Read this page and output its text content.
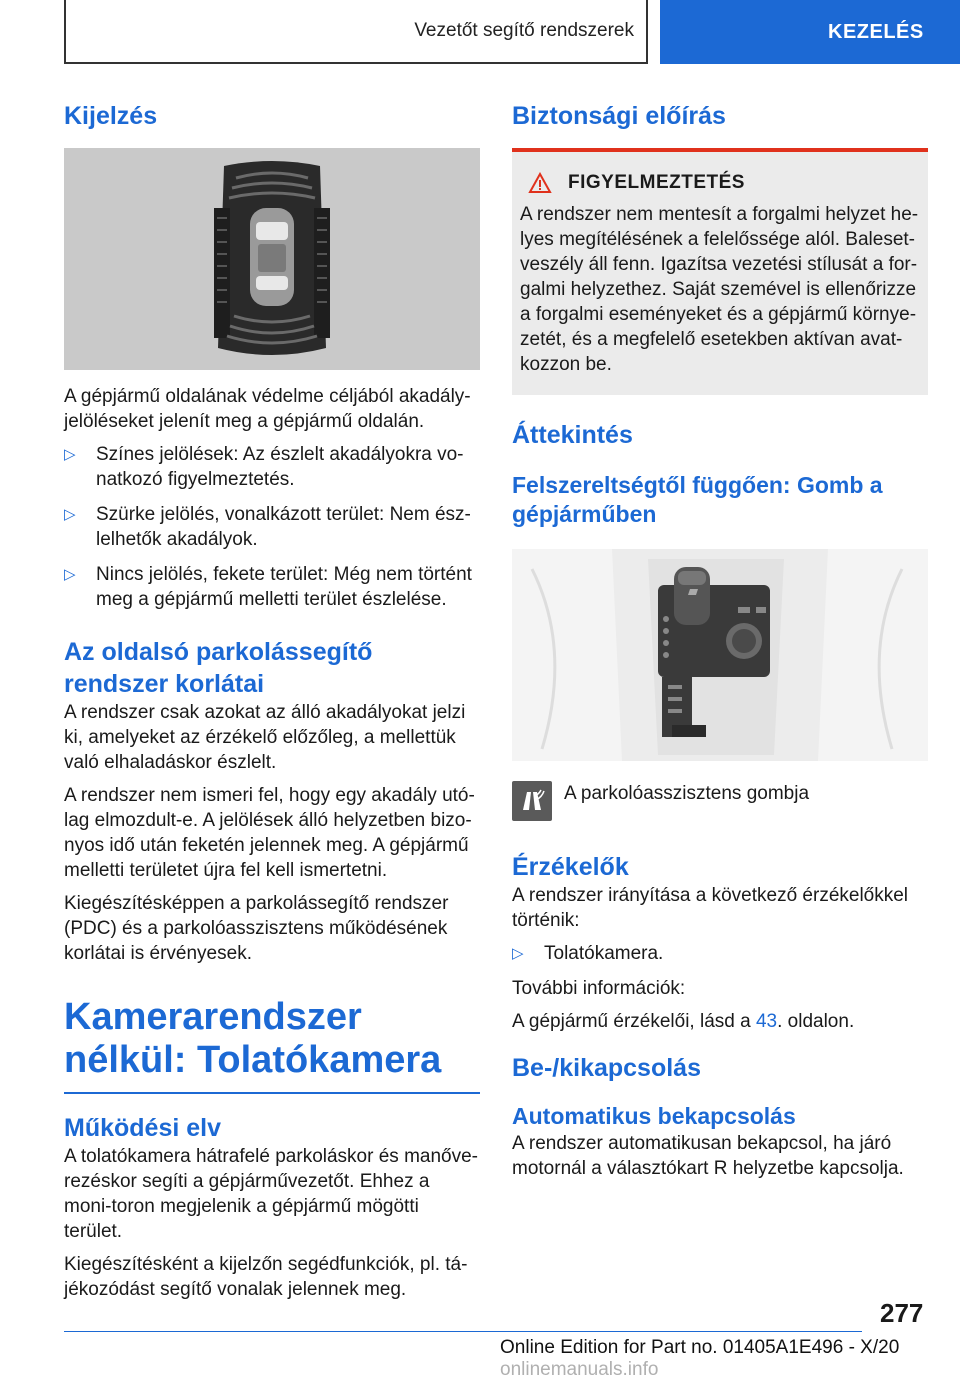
Vezetőt segítő rendszerek	KEZELÉS
Kijelzés

A gépjármű oldalának védelme céljából akadály-jelöléseket jelenít meg a gépjármű oldalán.

▷	Színes jelölések: Az észlelt akadályokra vo-natkozó figyelmeztetés.
▷	Szürke jelölés, vonalkázott terület: Nem ész-lelhetők akadályok.
▷	Nincs jelölés, fekete terület: Még nem történt meg a gépjármű melletti terület észlelése.
Az oldalsó parkolássegítő rendszer korlátai

A rendszer csak azokat az álló akadályokat jelzi ki, amelyeket az érzékelő előzőleg, a mellettük való elhaladáskor észlelt.

A rendszer nem ismeri fel, hogy egy akadály utó-lag elmozdult-e. A jelölések álló helyzetben bizo-nyos idő után feketén jelennek meg. A gépjármű melletti területet újra fel kell ismertetni.

Kiegészítésképpen a parkolássegítő rendszer (PDC) és a parkolóasszisztens működésének korlátai is érvényesek.

Kamerarendszer nélkül: Tolatókamera
Működési elv

A tolatókamera hátrafelé parkoláskor és manőve-rezéskor segíti a gépjárművezetőt. Ehhez a moni-toron megjelenik a gépjármű mögötti terület.

Kiegészítésként a kijelzőn segédfunkciók, pl. tá-jékozódást segítő vonalak jelennek meg.

Biztonsági előírás
FIGYELMEZTETÉS

A rendszer nem mentesít a forgalmi helyzet he-lyes megítélésének a felelőssége alól. Baleset-veszély áll fenn. Igazítsa vezetési stílusát a for-galmi helyzethez. Saját szemével is ellenőrizze a forgalmi eseményeket és a gépjármű környe-zetét, és a megfelelő esetekben aktívan avat-kozzon be.

Áttekintés
Felszereltségtől függően: Gomb a gépjárműben
A parkolóasszisztens gombja
Érzékelők

A rendszer irányítása a következő érzékelőkkel történik:

▷	Tolatókamera.

További információk:

A gépjármű érzékelői, lásd a 43. oldalon.

Be-/kikapcsolás
Automatikus bekapcsolás

A rendszer automatikusan bekapcsol, ha járó motornál a választókart R helyzetbe kapcsolja.

277
Online Edition for Part no. 01405A1E496 - X/20 onlinemanuals.info
